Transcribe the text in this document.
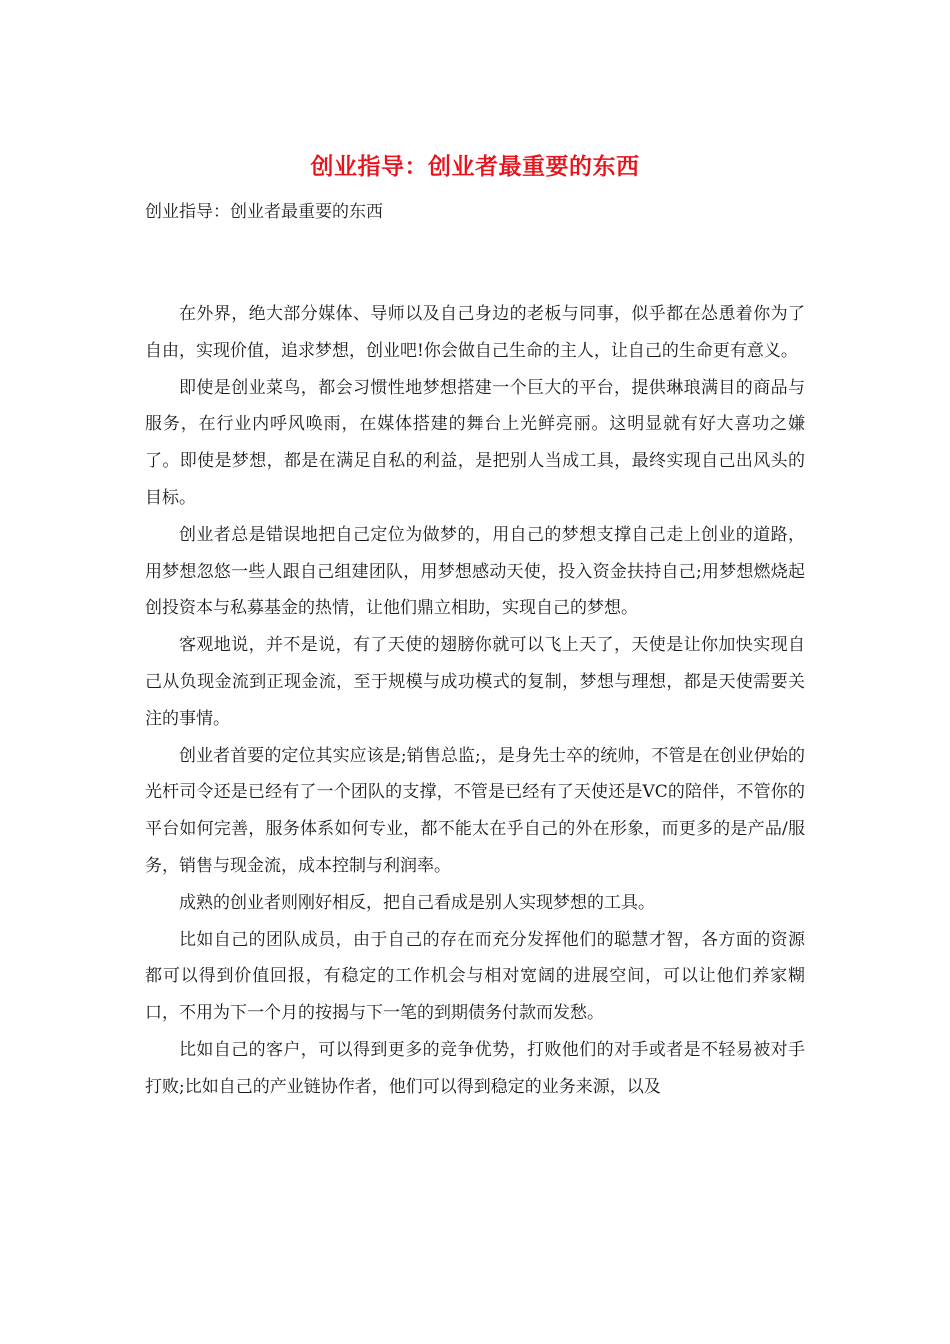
创业指导：创业者最重要的东西
创业指导：创业者最重要的东西

在外界，绝大部分媒体、导师以及自己身边的老板与同事，似乎都在怂恿着你为了自由，实现价值，追求梦想，创业吧!你会做自己生命的主人，让自己的生命更有意义。

即使是创业菜鸟，都会习惯性地梦想搭建一个巨大的平台，提供琳琅满目的商品与服务，在行业内呼风唤雨，在媒体搭建的舞台上光鲜亮丽。这明显就有好大喜功之嫌了。即使是梦想，都是在满足自私的利益，是把别人当成工具，最终实现自己出风头的目标。

创业者总是错误地把自己定位为做梦的，用自己的梦想支撑自己走上创业的道路，用梦想忽悠一些人跟自己组建团队，用梦想感动天使，投入资金扶持自己;用梦想燃烧起创投资本与私募基金的热情，让他们鼎立相助，实现自己的梦想。

客观地说，并不是说，有了天使的翅膀你就可以飞上天了，天使是让你加快实现自己从负现金流到正现金流，至于规模与成功模式的复制，梦想与理想，都是天使需要关注的事情。

创业者首要的定位其实应该是;销售总监;，是身先士卒的统帅，不管是在创业伊始的光杆司令还是已经有了一个团队的支撑，不管是已经有了天使还是VC的陪伴，不管你的平台如何完善，服务体系如何专业，都不能太在乎自己的外在形象，而更多的是产品/服务，销售与现金流，成本控制与利润率。

成熟的创业者则刚好相反，把自己看成是别人实现梦想的工具。

比如自己的团队成员，由于自己的存在而充分发挥他们的聪慧才智，各方面的资源都可以得到价值回报，有稳定的工作机会与相对宽阔的进展空间，可以让他们养家糊口，不用为下一个月的按揭与下一笔的到期债务付款而发愁。

比如自己的客户，可以得到更多的竞争优势，打败他们的对手或者是不轻易被对手打败;比如自己的产业链协作者，他们可以得到稳定的业务来源，以及
